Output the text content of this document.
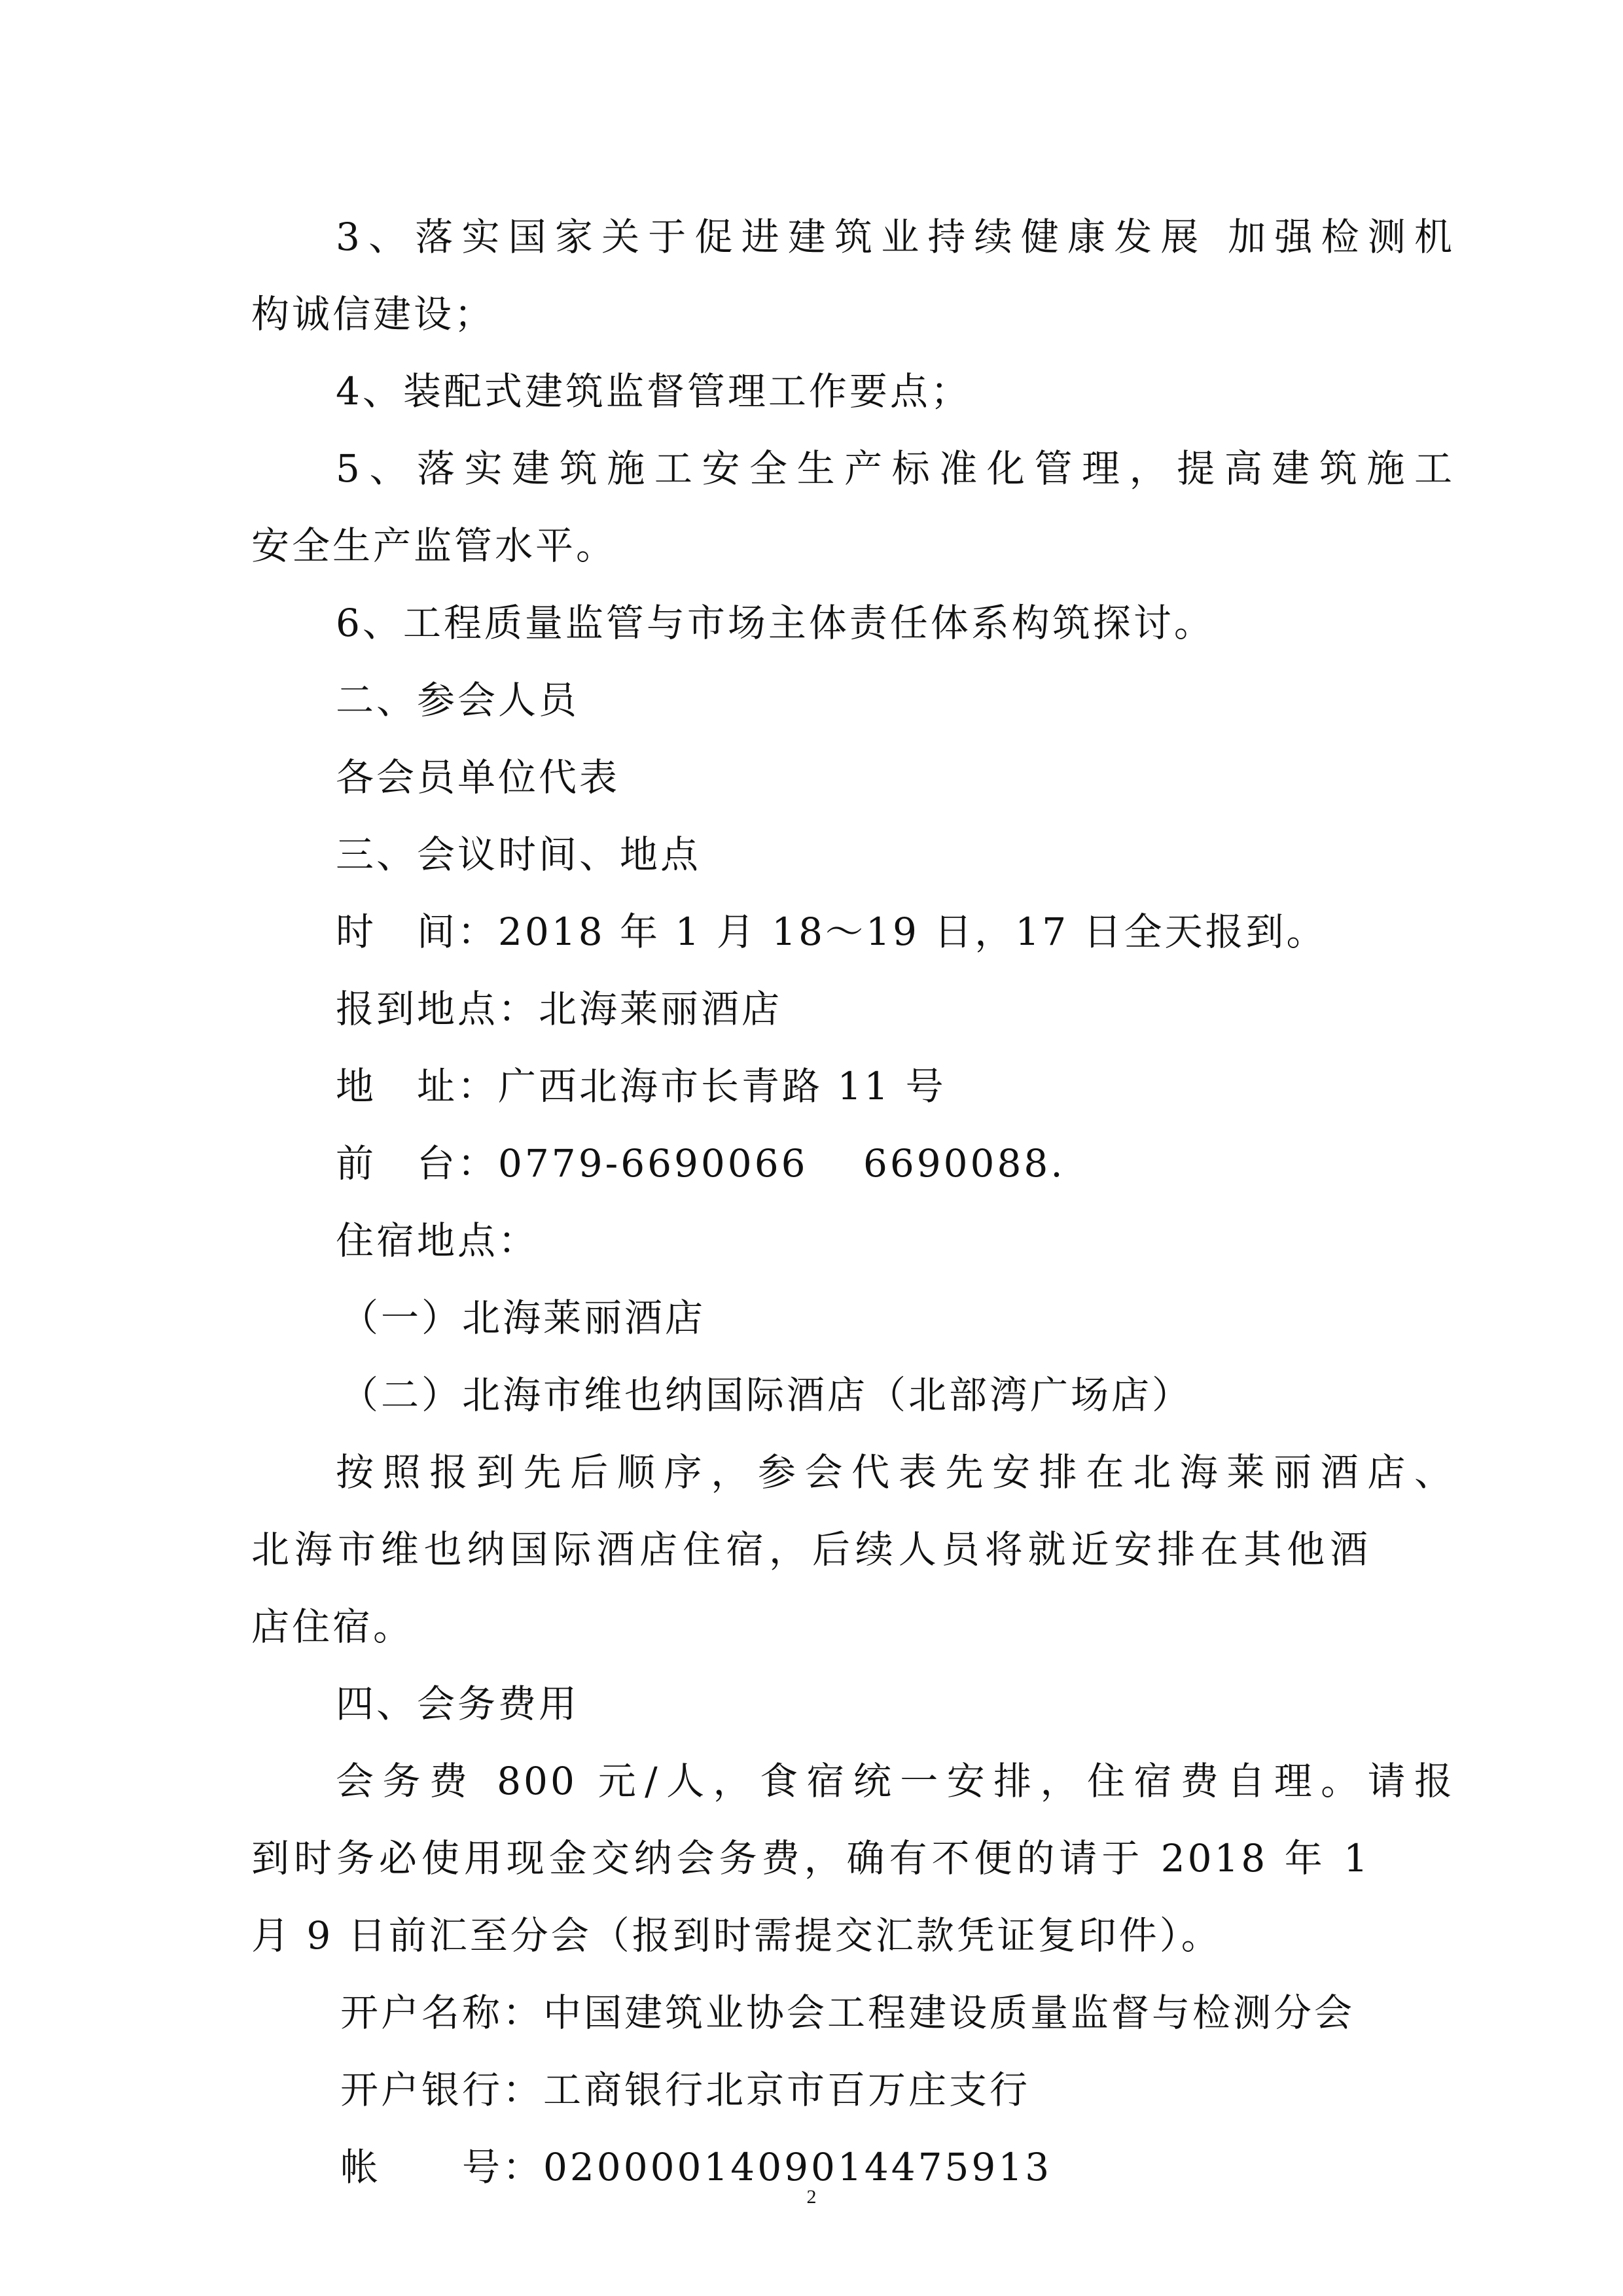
3、落实国家关于促进建筑业持续健康发展 加强检测机
构诚信建设；
4、装配式建筑监督管理工作要点；
5、落实建筑施工安全生产标准化管理，提高建筑施工
安全生产监管水平。
6、工程质量监管与市场主体责任体系构筑探讨。
二、参会人员
各会员单位代表
三、会议时间、地点
时　间：2018 年 1 月 18～19 日，17 日全天报到。
报到地点：北海莱丽酒店
地　址：广西北海市长青路 11 号
前　台：0779-6690066　 6690088.
住宿地点：
（一）北海莱丽酒店
（二）北海市维也纳国际酒店（北部湾广场店）
按照报到先后顺序，参会代表先安排在北海莱丽酒店、
北海市维也纳国际酒店住宿，后续人员将就近安排在其他酒
店住宿。
四、会务费用
会务费 800 元/人，食宿统一安排，住宿费自理。请报
到时务必使用现金交纳会务费，确有不便的请于 2018 年 1
月 9 日前汇至分会（报到时需提交汇款凭证复印件）。
开户名称：中国建筑业协会工程建设质量监督与检测分会
开户银行：工商银行北京市百万庄支行
帐　　号：0200001409014475913
2
